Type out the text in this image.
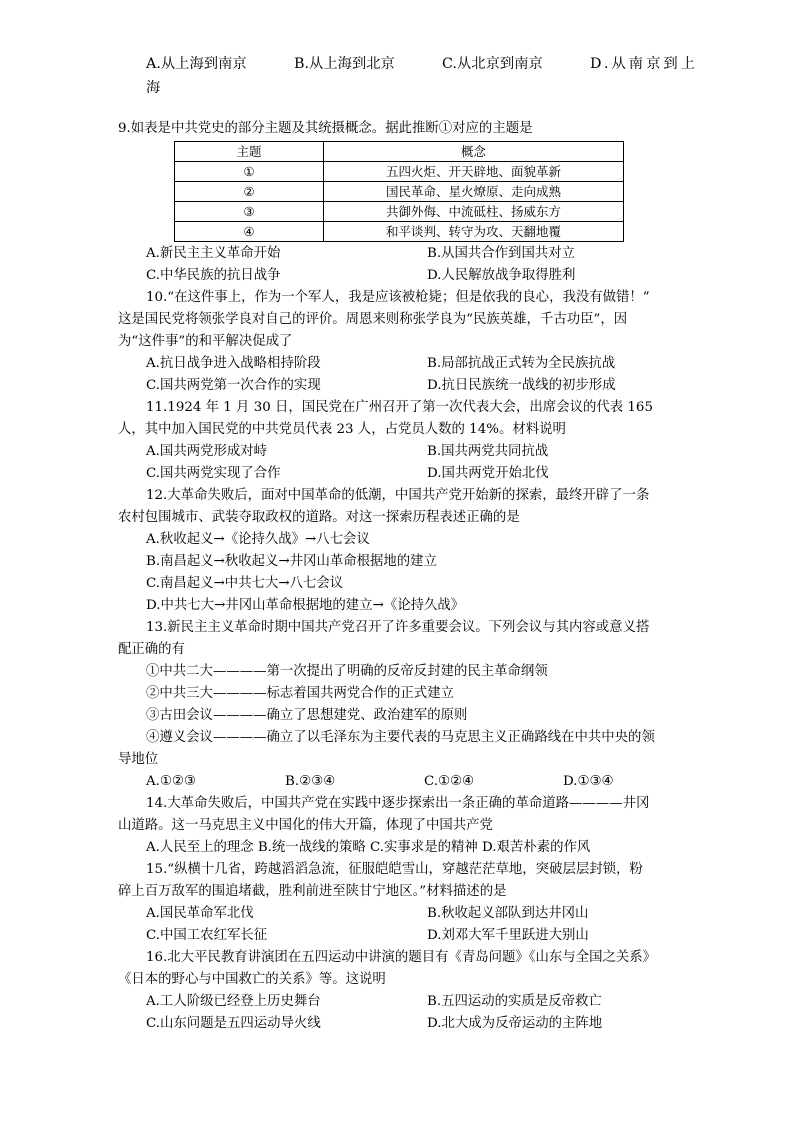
A.从上海到南京	B.从上海到北京	C.从北京到南京	D.从南京到上
海
9.如表是中共党史的部分主题及其统摄概念。据此推断①对应的主题是
主题	概念
①	五四火炬、开天辟地、面貌革新
②	国民革命、星火燎原、走向成熟
③	共御外侮、中流砥柱、扬威东方
④	和平谈判、转守为攻、天翻地覆
A.新民主主义革命开始	B.从国共合作到国共对立
C.中华民族的抗日战争	D.人民解放战争取得胜利
10.“在这件事上，作为一个军人，我是应该被枪毙；但是依我的良心，我没有做错！”
这是国民党将领张学良对自己的评价。周恩来则称张学良为“民族英雄，千古功臣”，因
为“这件事”的和平解决促成了
A.抗日战争进入战略相持阶段	B.局部抗战正式转为全民族抗战
C.国共两党第一次合作的实现	D.抗日民族统一战线的初步形成
11.1924 年 1 月 30 日，国民党在广州召开了第一次代表大会，出席会议的代表 165
人，其中加入国民党的中共党员代表 23 人，占党员人数的 14%。材料说明
A.国共两党形成对峙	B.国共两党共同抗战
C.国共两党实现了合作	D.国共两党开始北伐
12.大革命失败后，面对中国革命的低潮，中国共产党开始新的探索，最终开辟了一条
农村包围城市、武装夺取政权的道路。对这一探索历程表述正确的是
A.秋收起义→《论持久战》→八七会议
B.南昌起义→秋收起义→井冈山革命根据地的建立
C.南昌起义→中共七大→八七会议
D.中共七大→井冈山革命根据地的建立→《论持久战》
13.新民主主义革命时期中国共产党召开了许多重要会议。下列会议与其内容或意义搭
配正确的有
①中共二大————第一次提出了明确的反帝反封建的民主革命纲领
②中共三大————标志着国共两党合作的正式建立
③古田会议————确立了思想建党、政治建军的原则
④遵义会议————确立了以毛泽东为主要代表的马克思主义正确路线在中共中央的领
导地位
A.①②③	B.②③④	C.①②④	D.①③④
14.大革命失败后，中国共产党在实践中逐步探索出一条正确的革命道路————井冈
山道路。这一马克思主义中国化的伟大开篇，体现了中国共产党
A.人民至上的理念 B.统一战线的策略 C.实事求是的精神 D.艰苦朴素的作风
15.“纵横十几省，跨越滔滔急流，征服皑皑雪山，穿越茫茫草地，突破层层封锁，粉
碎上百万敌军的围追堵截，胜利前进至陕甘宁地区。”材料描述的是
A.国民革命军北伐	B.秋收起义部队到达井冈山
C.中国工农红军长征	D.刘邓大军千里跃进大别山
16.北大平民教育讲演团在五四运动中讲演的题目有《青岛问题》《山东与全国之关系》
《日本的野心与中国救亡的关系》等。这说明
A.工人阶级已经登上历史舞台	B.五四运动的实质是反帝救亡
C.山东问题是五四运动导火线	D.北大成为反帝运动的主阵地
